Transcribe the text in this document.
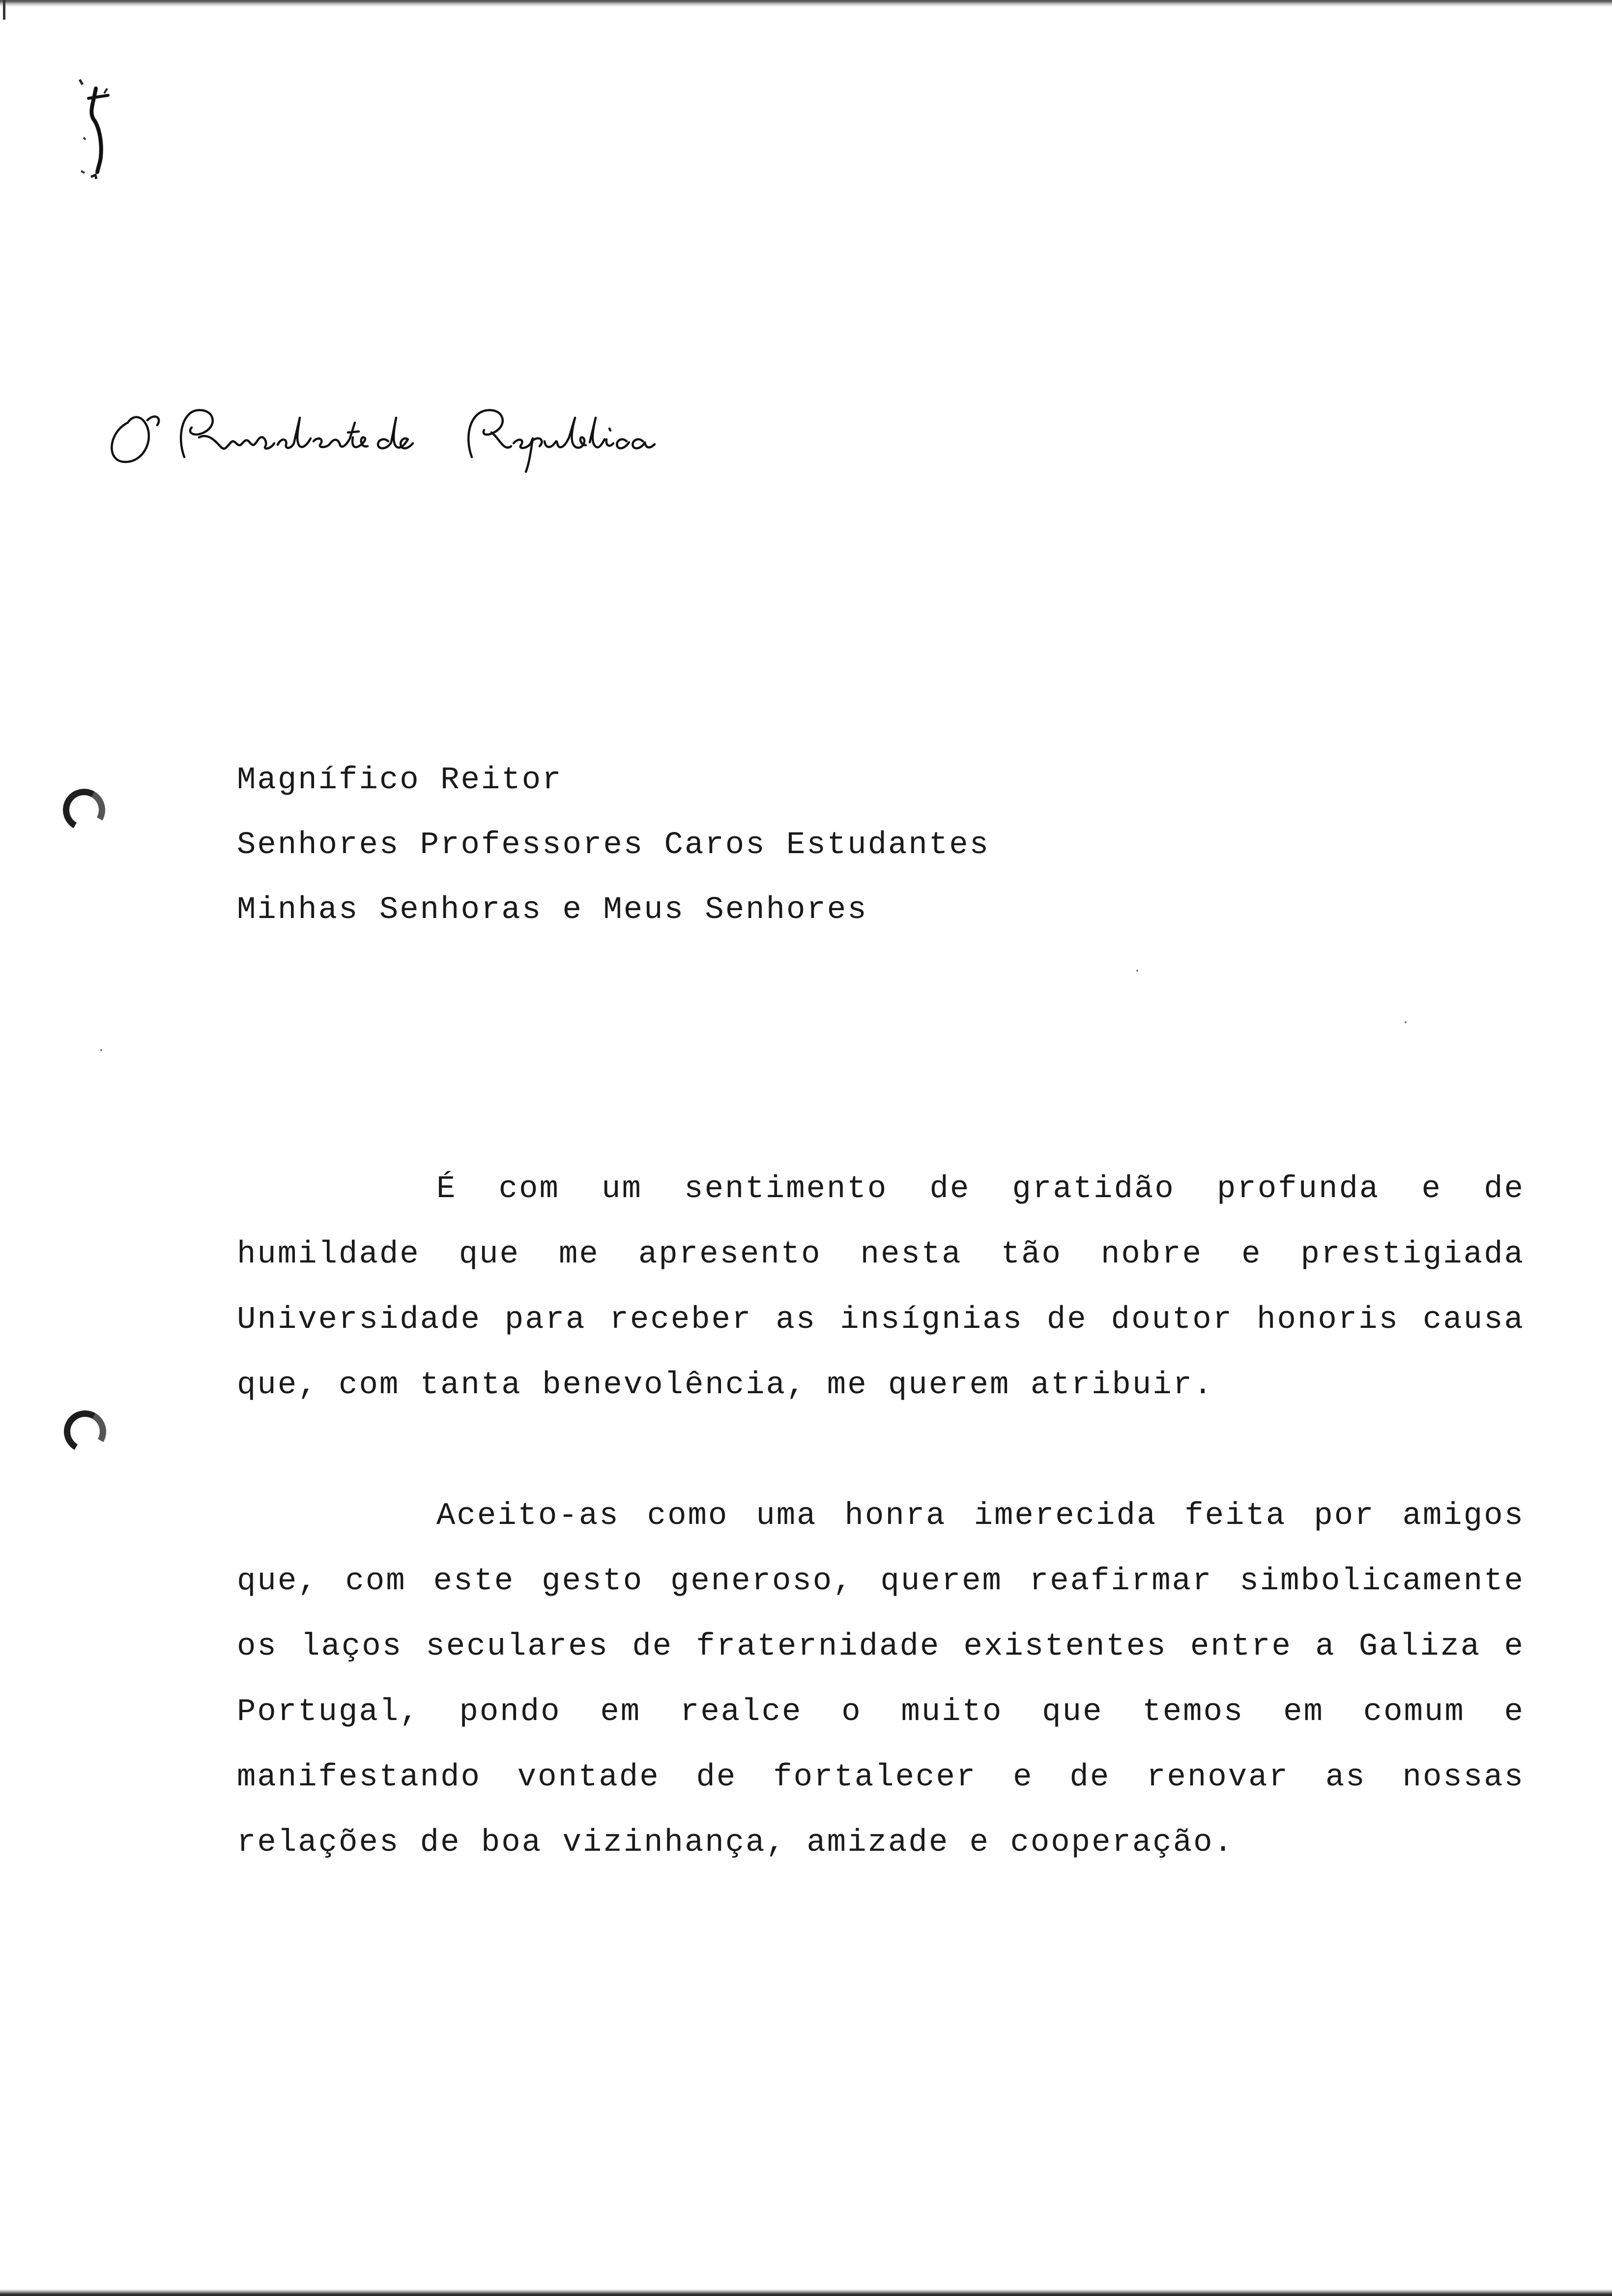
O Presidente da República
Magnífico Reitor
Senhores Professores Caros Estudantes
Minhas Senhoras e Meus Senhores

É com um sentimento de gratidão profunda e de humildade que me apresento nesta tão nobre e prestigiada Universidade para receber as insígnias de doutor honoris causa que, com tanta benevolência, me querem atribuir.

Aceito-as como uma honra imerecida feita por amigos que, com este gesto generoso, querem reafirmar simbolicamente os laços seculares de fraternidade existentes entre a Galiza e Portugal, pondo em realce o muito que temos em comum e manifestando vontade de fortalecer e de renovar as nossas relações de boa vizinhança, amizade e cooperação.
